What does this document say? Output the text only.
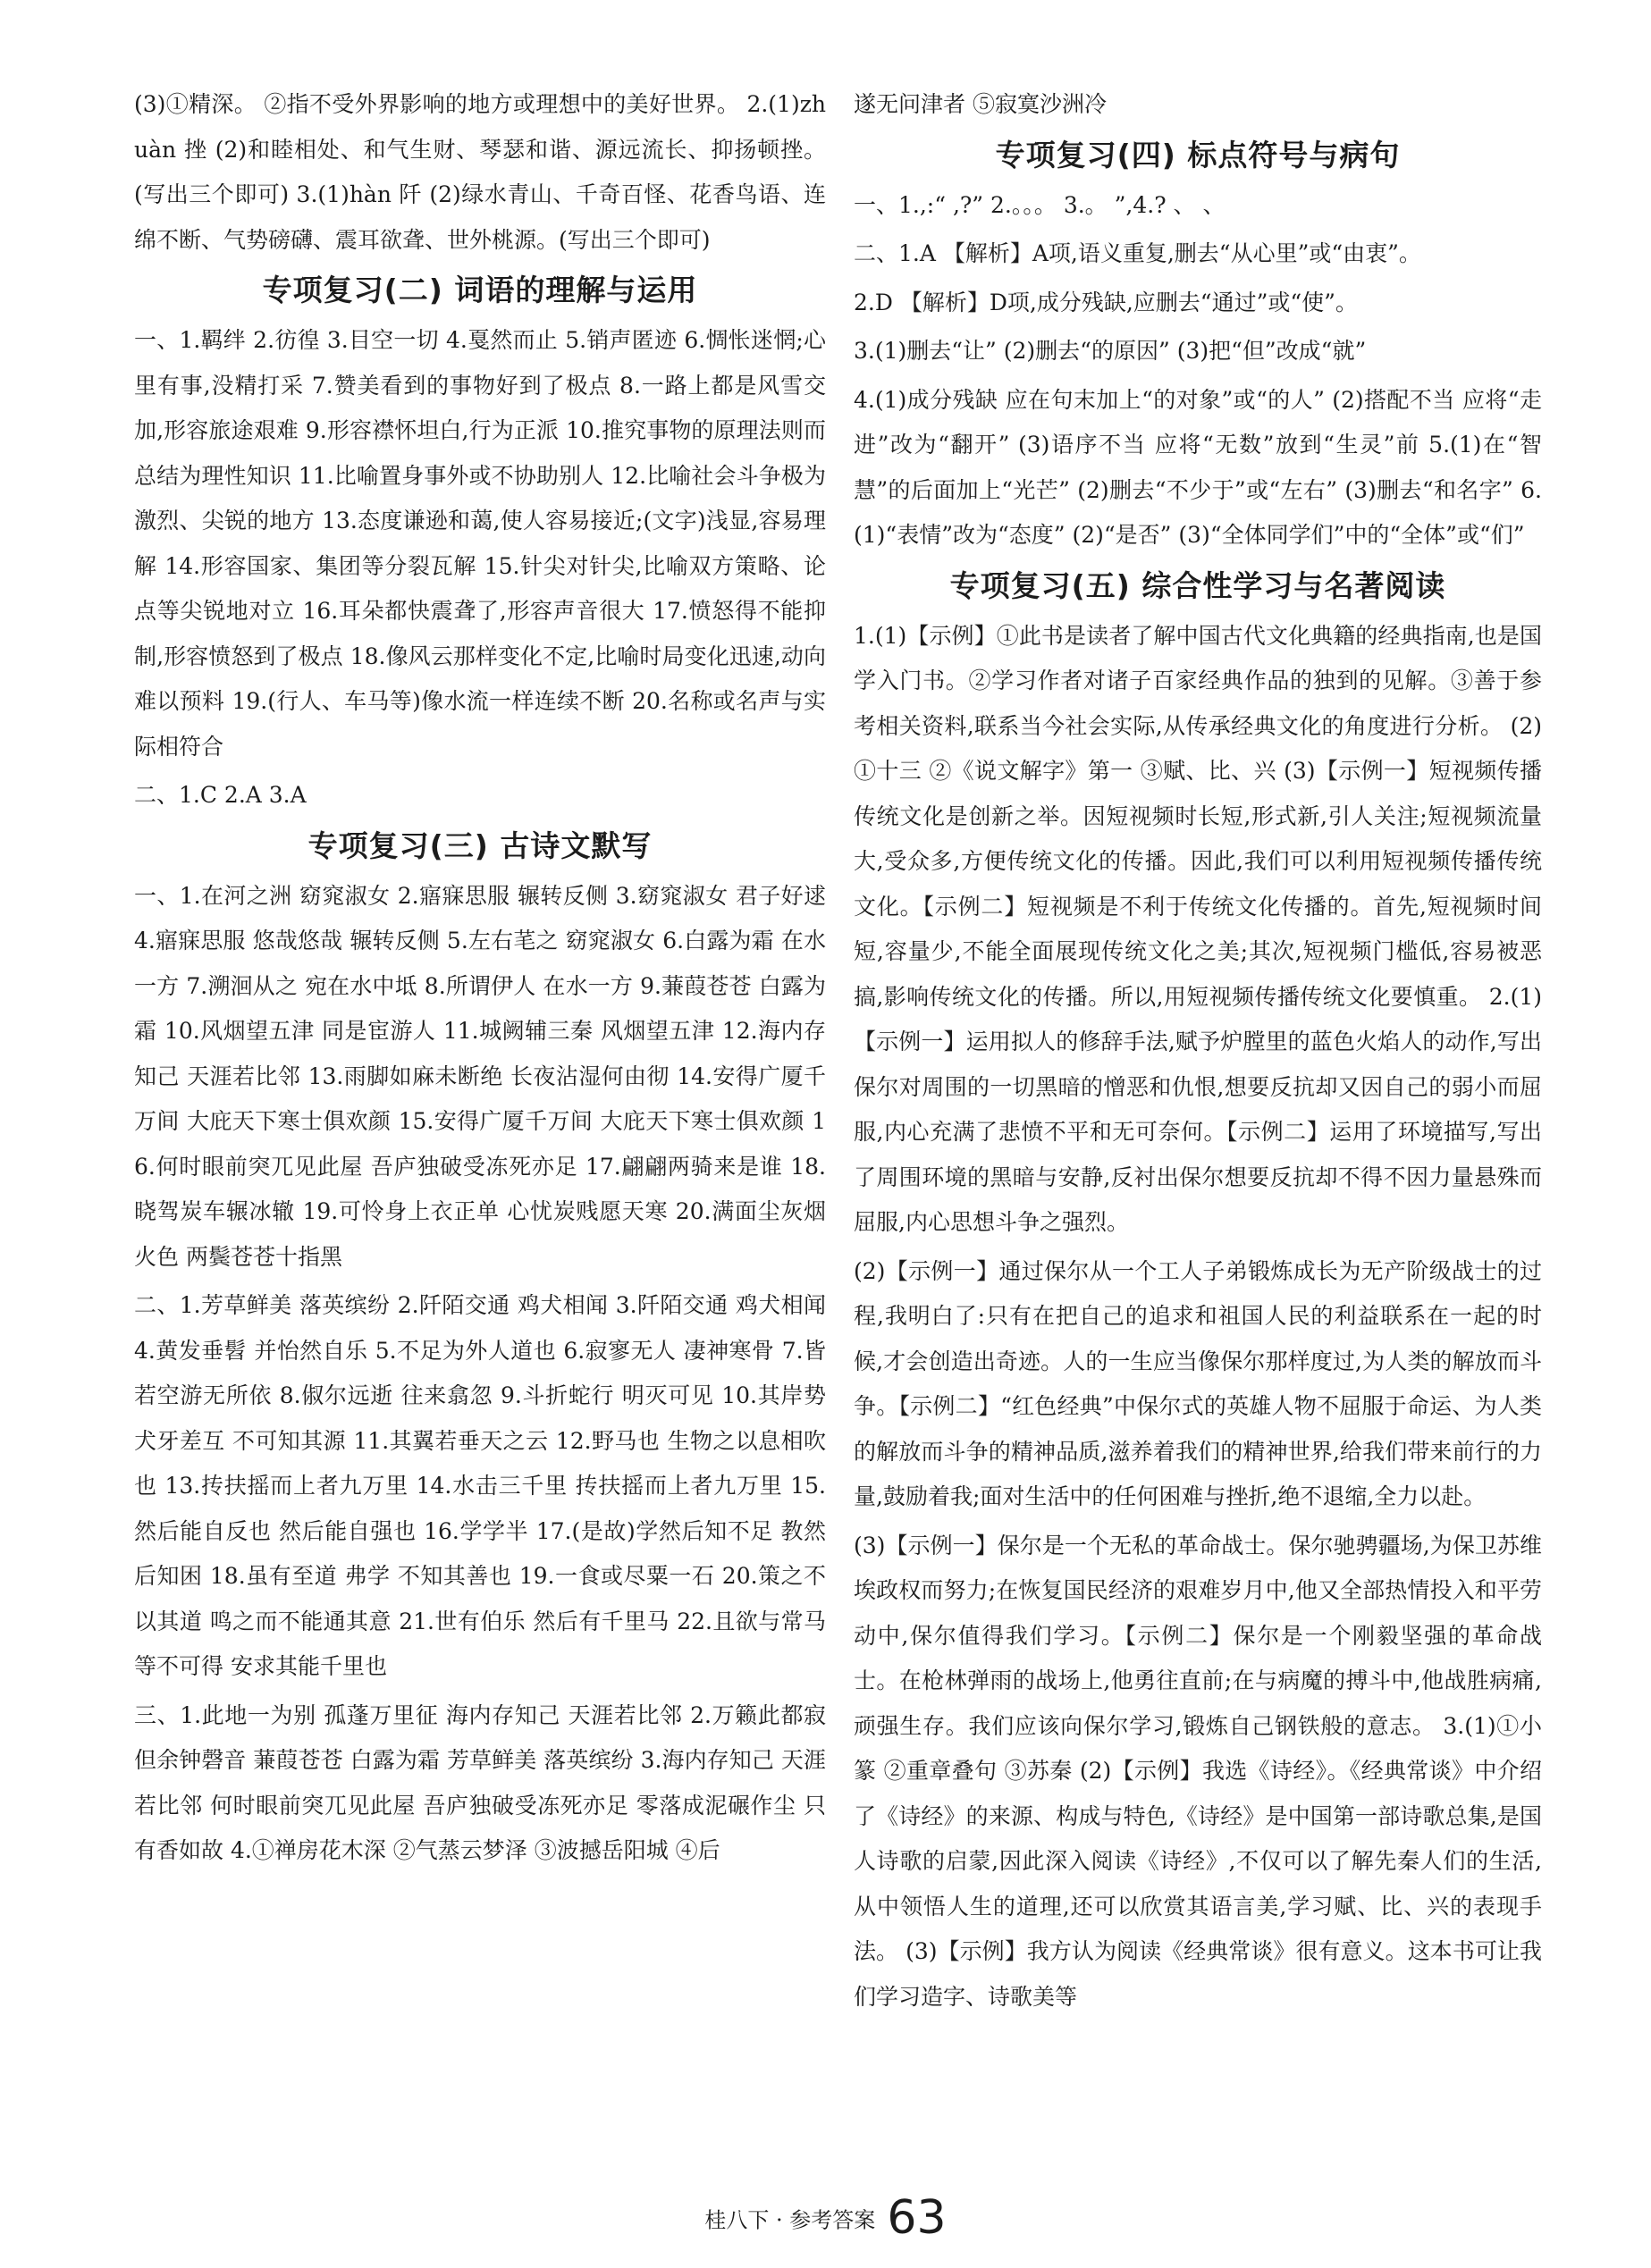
(3)①精深。 ②指不受外界影响的地方或理想中的美好世界。 2.(1)zhuàn 挫 (2)和睦相处、和气生财、琴瑟和谐、源远流长、抑扬顿挫。(写出三个即可) 3.(1)hàn 阡 (2)绿水青山、千奇百怪、花香鸟语、连绵不断、气势磅礴、震耳欲聋、世外桃源。(写出三个即可)
专项复习(二) 词语的理解与运用
一、1.羁绊 2.彷徨 3.目空一切 4.戛然而止 5.销声匿迹 6.惆怅迷惘;心里有事,没精打采 7.赞美看到的事物好到了极点 8.一路上都是风雪交加,形容旅途艰难 9.形容襟怀坦白,行为正派 10.推究事物的原理法则而总结为理性知识 11.比喻置身事外或不协助别人 12.比喻社会斗争极为激烈、尖锐的地方 13.态度谦逊和蔼,使人容易接近;(文字)浅显,容易理解 14.形容国家、集团等分裂瓦解 15.针尖对针尖,比喻双方策略、论点等尖锐地对立 16.耳朵都快震聋了,形容声音很大 17.愤怒得不能抑制,形容愤怒到了极点 18.像风云那样变化不定,比喻时局变化迅速,动向难以预料 19.(行人、车马等)像水流一样连续不断 20.名称或名声与实际相符合
二、1.C 2.A 3.A
专项复习(三) 古诗文默写
一、1.在河之洲 窈窕淑女 2.寤寐思服 辗转反侧 3.窈窕淑女 君子好逑 4.寤寐思服 悠哉悠哉 辗转反侧 5.左右芼之 窈窕淑女 6.白露为霜 在水一方 7.溯洄从之 宛在水中坻 8.所谓伊人 在水一方 9.蒹葭苍苍 白露为霜 10.风烟望五津 同是宦游人 11.城阙辅三秦 风烟望五津 12.海内存知己 天涯若比邻 13.雨脚如麻未断绝 长夜沾湿何由彻 14.安得广厦千万间 大庇天下寒士俱欢颜 15.安得广厦千万间 大庇天下寒士俱欢颜 16.何时眼前突兀见此屋 吾庐独破受冻死亦足 17.翩翩两骑来是谁 18.晓驾炭车辗冰辙 19.可怜身上衣正单 心忧炭贱愿天寒 20.满面尘灰烟火色 两鬓苍苍十指黑
二、1.芳草鲜美 落英缤纷 2.阡陌交通 鸡犬相闻 3.阡陌交通 鸡犬相闻 4.黄发垂髫 并怡然自乐 5.不足为外人道也 6.寂寥无人 凄神寒骨 7.皆若空游无所依 8.俶尔远逝 往来翕忽 9.斗折蛇行 明灭可见 10.其岸势犬牙差互 不可知其源 11.其翼若垂天之云 12.野马也 生物之以息相吹也 13.抟扶摇而上者九万里 14.水击三千里 抟扶摇而上者九万里 15.然后能自反也 然后能自强也 16.学学半 17.(是故)学然后知不足 教然后知困 18.虽有至道 弗学 不知其善也 19.一食或尽粟一石 20.策之不以其道 鸣之而不能通其意 21.世有伯乐 然后有千里马 22.且欲与常马等不可得 安求其能千里也
三、1.此地一为别 孤蓬万里征 海内存知己 天涯若比邻 2.万籁此都寂 但余钟磬音 蒹葭苍苍 白露为霜 芳草鲜美 落英缤纷 3.海内存知己 天涯若比邻 何时眼前突兀见此屋 吾庐独破受冻死亦足 零落成泥碾作尘 只有香如故 4.①禅房花木深 ②气蒸云梦泽 ③波撼岳阳城 ④后
遂无问津者 ⑤寂寞沙洲冷
专项复习(四) 标点符号与病句
一、1.,:“ ,?” 2.。。。 3.。 ”,4.? 、 、
二、1.A 【解析】A项,语义重复,删去“从心里”或“由衷”。
2.D 【解析】D项,成分残缺,应删去“通过”或“使”。
3.(1)删去“让” (2)删去“的原因” (3)把“但”改成“就”
4.(1)成分残缺 应在句末加上“的对象”或“的人” (2)搭配不当 应将“走进”改为“翻开” (3)语序不当 应将“无数”放到“生灵”前 5.(1)在“智慧”的后面加上“光芒” (2)删去“不少于”或“左右” (3)删去“和名字” 6.(1)“表情”改为“态度” (2)“是否” (3)“全体同学们”中的“全体”或“们”
专项复习(五) 综合性学习与名著阅读
1.(1)【示例】①此书是读者了解中国古代文化典籍的经典指南,也是国学入门书。②学习作者对诸子百家经典作品的独到的见解。③善于参考相关资料,联系当今社会实际,从传承经典文化的角度进行分析。 (2)①十三 ②《说文解字》第一 ③赋、比、兴 (3)【示例一】短视频传播传统文化是创新之举。因短视频时长短,形式新,引人关注;短视频流量大,受众多,方便传统文化的传播。因此,我们可以利用短视频传播传统文化。【示例二】短视频是不利于传统文化传播的。首先,短视频时间短,容量少,不能全面展现传统文化之美;其次,短视频门槛低,容易被恶搞,影响传统文化的传播。所以,用短视频传播传统文化要慎重。 2.(1)【示例一】运用拟人的修辞手法,赋予炉膛里的蓝色火焰人的动作,写出保尔对周围的一切黑暗的憎恶和仇恨,想要反抗却又因自己的弱小而屈服,内心充满了悲愤不平和无可奈何。【示例二】运用了环境描写,写出了周围环境的黑暗与安静,反衬出保尔想要反抗却不得不因力量悬殊而屈服,内心思想斗争之强烈。
(2)【示例一】通过保尔从一个工人子弟锻炼成长为无产阶级战士的过程,我明白了:只有在把自己的追求和祖国人民的利益联系在一起的时候,才会创造出奇迹。人的一生应当像保尔那样度过,为人类的解放而斗争。【示例二】“红色经典”中保尔式的英雄人物不屈服于命运、为人类的解放而斗争的精神品质,滋养着我们的精神世界,给我们带来前行的力量,鼓励着我;面对生活中的任何困难与挫折,绝不退缩,全力以赴。
(3)【示例一】保尔是一个无私的革命战士。保尔驰骋疆场,为保卫苏维埃政权而努力;在恢复国民经济的艰难岁月中,他又全部热情投入和平劳动中,保尔值得我们学习。【示例二】保尔是一个刚毅坚强的革命战士。在枪林弹雨的战场上,他勇往直前;在与病魔的搏斗中,他战胜病痛,顽强生存。我们应该向保尔学习,锻炼自己钢铁般的意志。 3.(1)①小篆 ②重章叠句 ③苏秦 (2)【示例】我选《诗经》。《经典常谈》中介绍了《诗经》的来源、构成与特色,《诗经》是中国第一部诗歌总集,是国人诗歌的启蒙,因此深入阅读《诗经》,不仅可以了解先秦人们的生活,从中领悟人生的道理,还可以欣赏其语言美,学习赋、比、兴的表现手法。 (3)【示例】我方认为阅读《经典常谈》很有意义。这本书可让我们学习造字、诗歌美等
桂八下 · 参考答案 63
